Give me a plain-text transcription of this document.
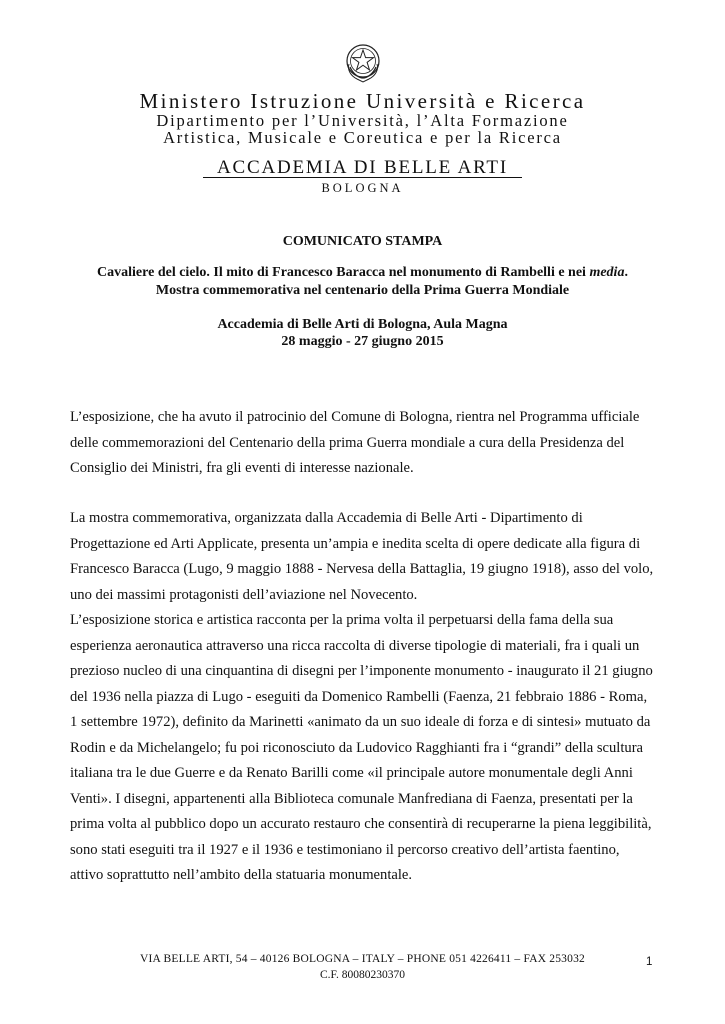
Ministero Istruzione Università e Ricerca
Dipartimento per l’Università, l’Alta Formazione
Artistica, Musicale e Coreutica e per la Ricerca
ACCADEMIA DI BELLE ARTI
BOLOGNA
COMUNICATO STAMPA
Cavaliere del cielo. Il mito di Francesco Baracca nel monumento di Rambelli e nei media.
Mostra commemorativa nel centenario della Prima Guerra Mondiale
Accademia di Belle Arti di Bologna, Aula Magna
28 maggio - 27 giugno 2015
L’esposizione, che ha avuto il patrocinio del Comune di Bologna, rientra nel Programma ufficiale
delle commemorazioni del Centenario della prima Guerra mondiale a cura della Presidenza del
Consiglio dei Ministri, fra gli eventi di interesse nazionale.
La mostra commemorativa, organizzata dalla Accademia di Belle Arti - Dipartimento di
Progettazione ed Arti Applicate, presenta un’ampia e inedita scelta di opere dedicate alla figura di
Francesco Baracca (Lugo, 9 maggio 1888 - Nervesa della Battaglia, 19 giugno 1918), asso del volo,
uno dei massimi protagonisti dell’aviazione nel Novecento.
L’esposizione storica e artistica racconta per la prima volta il perpetuarsi della fama della sua
esperienza aeronautica attraverso una ricca raccolta di diverse tipologie di materiali, fra i quali un
prezioso nucleo di una cinquantina di disegni per l’imponente monumento - inaugurato il 21 giugno
del 1936 nella piazza di Lugo - eseguiti da Domenico Rambelli (Faenza, 21 febbraio 1886 - Roma,
1 settembre 1972), definito da Marinetti «animato da un suo ideale di forza e di sintesi» mutuato da
Rodin e da Michelangelo; fu poi riconosciuto da Ludovico Ragghianti fra i “grandi” della scultura
italiana tra le due Guerre e da Renato Barilli come «il principale autore monumentale degli Anni
Venti». I disegni, appartenenti alla Biblioteca comunale Manfrediana di Faenza, presentati per la
prima volta al pubblico dopo un accurato restauro che consentirà di recuperarne la piena leggibilità,
sono stati eseguiti tra il 1927 e il 1936 e testimoniano il percorso creativo dell’artista faentino,
attivo soprattutto nell’ambito della statuaria monumentale.
VIA BELLE ARTI, 54 – 40126 BOLOGNA – ITALY – PHONE 051 4226411 – FAX 253032
C.F. 80080230370
1
